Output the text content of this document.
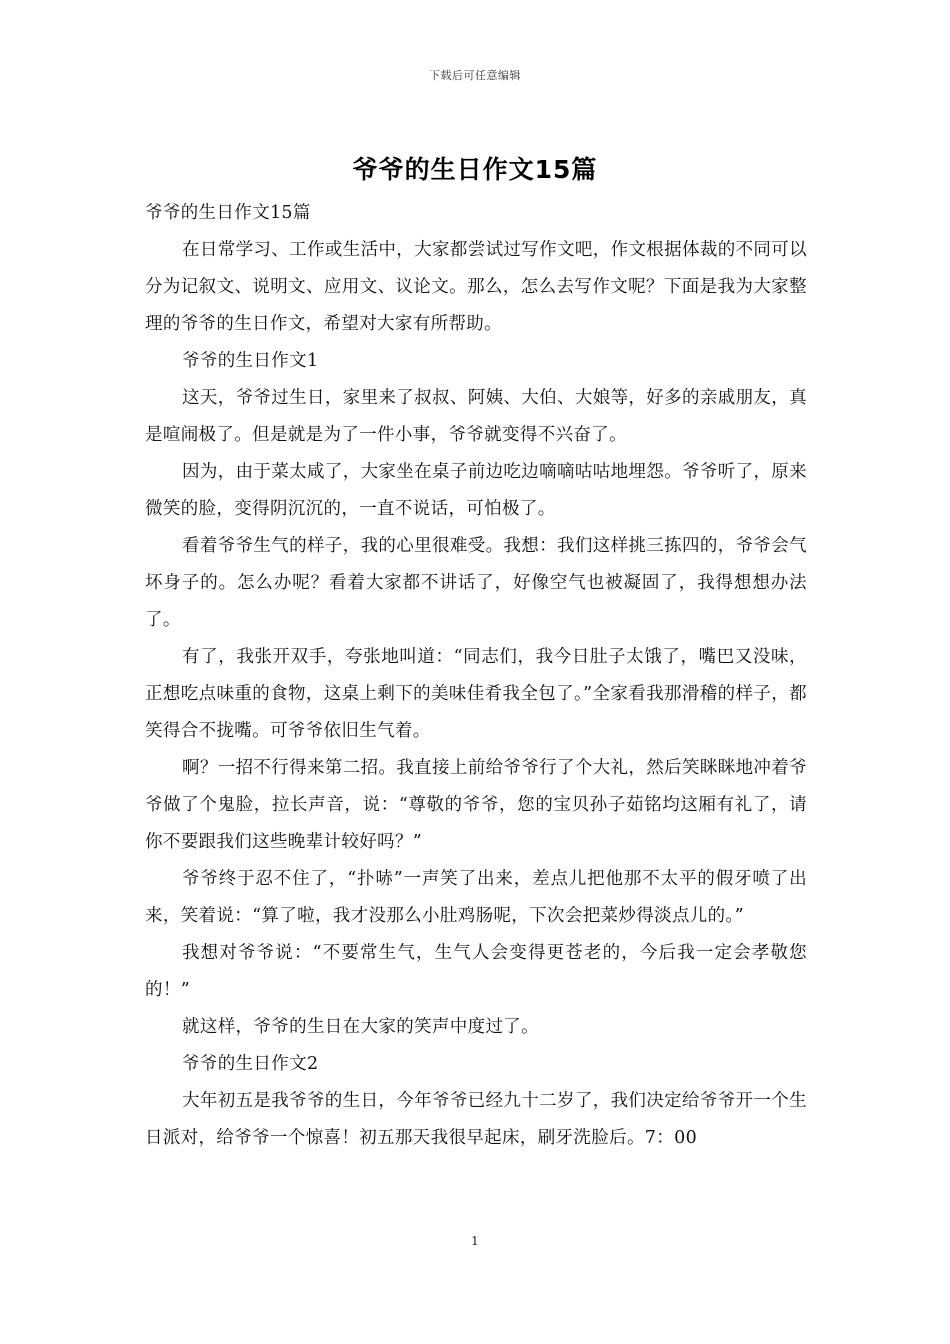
下载后可任意编辑
爷爷的生日作文15篇

爷爷的生日作文15篇

在日常学习、工作或生活中，大家都尝试过写作文吧，作文根据体裁的不同可以分为记叙文、说明文、应用文、议论文。那么，怎么去写作文呢？下面是我为大家整理的爷爷的生日作文，希望对大家有所帮助。

爷爷的生日作文1

这天，爷爷过生日，家里来了叔叔、阿姨、大伯、大娘等，好多的亲戚朋友，真是喧闹极了。但是就是为了一件小事，爷爷就变得不兴奋了。

因为，由于菜太咸了，大家坐在桌子前边吃边嘀嘀咕咕地埋怨。爷爷听了，原来微笑的脸，变得阴沉沉的，一直不说话，可怕极了。

看着爷爷生气的样子，我的心里很难受。我想：我们这样挑三拣四的，爷爷会气坏身子的。怎么办呢？看着大家都不讲话了，好像空气也被凝固了，我得想想办法了。

有了，我张开双手，夸张地叫道：“同志们，我今日肚子太饿了，嘴巴又没味，正想吃点味重的食物，这桌上剩下的美味佳肴我全包了。”全家看我那滑稽的样子，都笑得合不拢嘴。可爷爷依旧生气着。

啊？一招不行得来第二招。我直接上前给爷爷行了个大礼，然后笑眯眯地冲着爷爷做了个鬼脸，拉长声音，说：“尊敬的爷爷，您的宝贝孙子茹铭均这厢有礼了，请你不要跟我们这些晚辈计较好吗？”

爷爷终于忍不住了，“扑哧”一声笑了出来，差点儿把他那不太平的假牙喷了出来，笑着说：“算了啦，我才没那么小肚鸡肠呢，下次会把菜炒得淡点儿的。”

我想对爷爷说：“不要常生气，生气人会变得更苍老的，今后我一定会孝敬您的！”

就这样，爷爷的生日在大家的笑声中度过了。

爷爷的生日作文2

大年初五是我爷爷的生日，今年爷爷已经九十二岁了，我们决定给爷爷开一个生日派对，给爷爷一个惊喜！初五那天我很早起床，刷牙洗脸后。7：00

1
